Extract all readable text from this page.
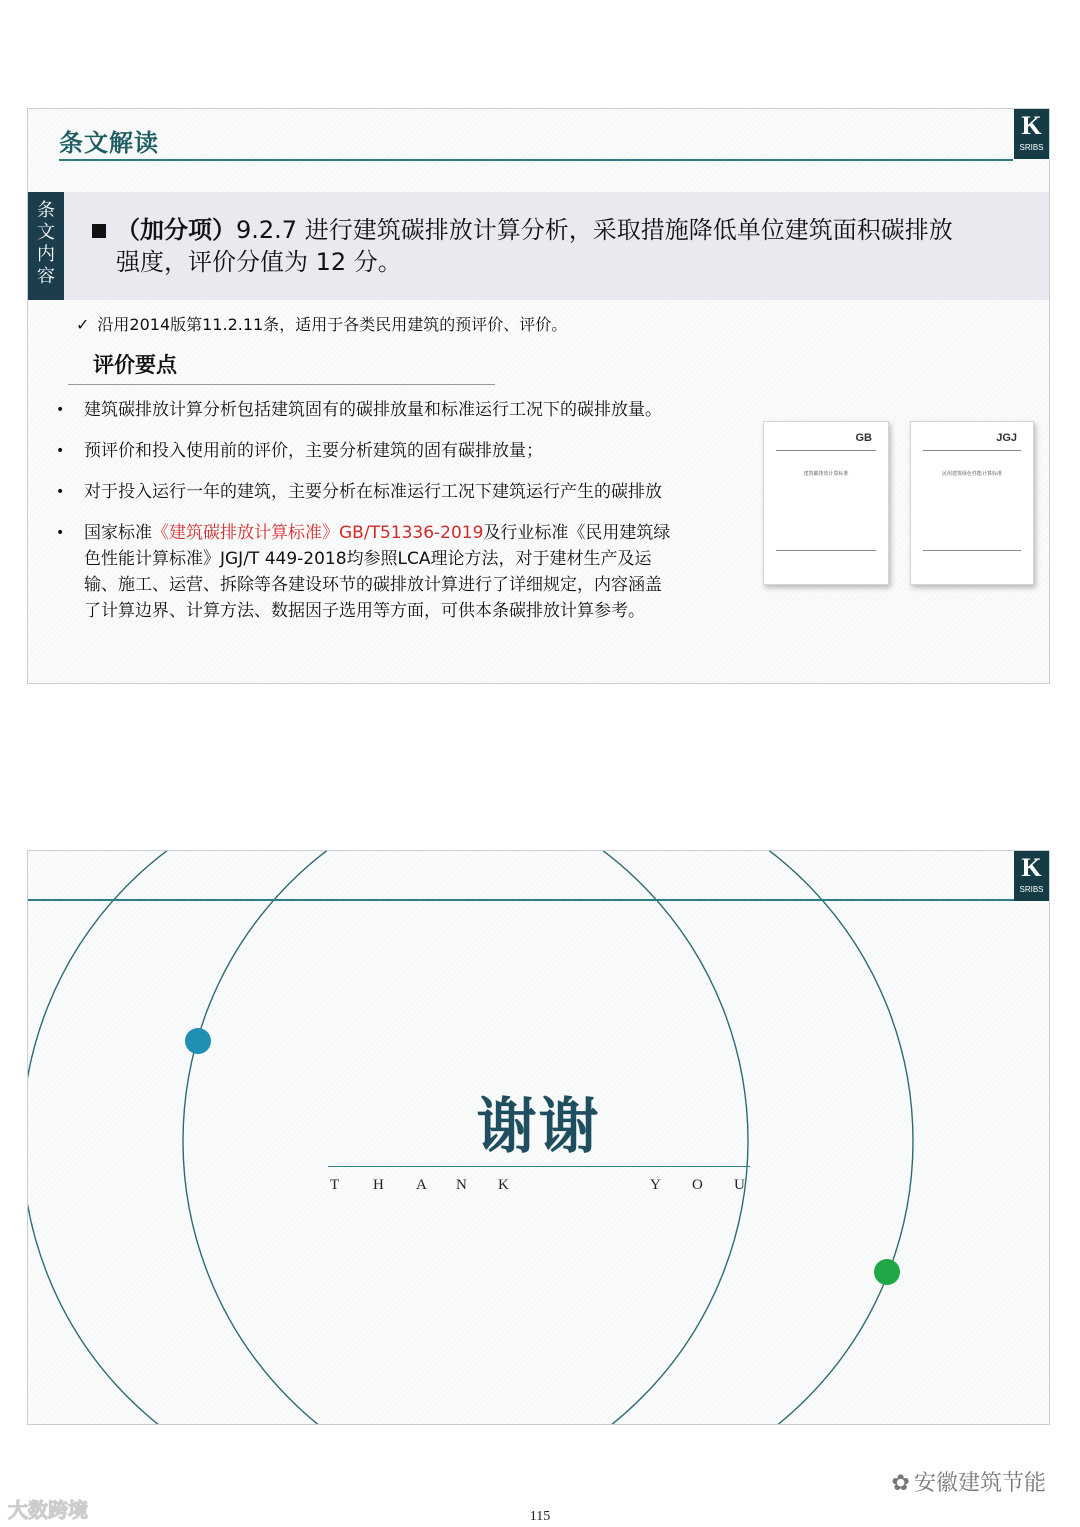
条文解读
K
SRIBS
条
文
内
容
（加分项）9.2.7 进行建筑碳排放计算分析，采取措施降低单位建筑面积碳排放强度，评价分值为 12 分。
✓ 沿用2014版第11.2.11条，适用于各类民用建筑的预评价、评价。
评价要点
• 建筑碳排放计算分析包括建筑固有的碳排放量和标准运行工况下的碳排放量。
• 预评价和投入使用前的评价，主要分析建筑的固有碳排放量；
• 对于投入运行一年的建筑，主要分析在标准运行工况下建筑运行产生的碳排放
• 国家标准《建筑碳排放计算标准》GB/T51336-2019及行业标准《民用建筑绿色性能计算标准》JGJ/T 449-2018均参照LCA理论方法，对于建材生产及运输、施工、运营、拆除等各建设环节的碳排放计算进行了详细规定，内容涵盖了计算边界、计算方法、数据因子选用等方面，可供本条碳排放计算参考。
GB
建筑碳排放计算标准
JGJ
民用建筑绿色性能计算标准
K
SRIBS
谢谢
T H A N K	Y O U
✿ 安徽建筑节能
大数跨境	115
